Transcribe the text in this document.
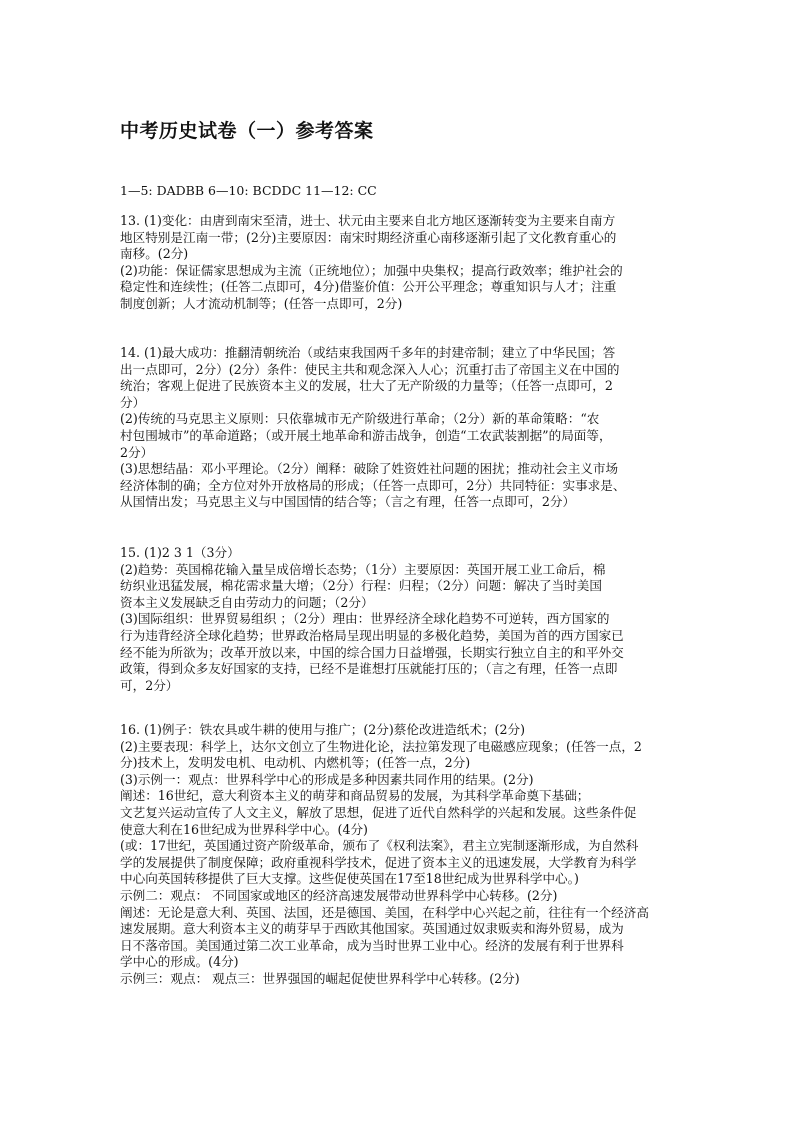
中考历史试卷（一）参考答案
1—5: DADBB 6—10: BCDDC 11—12: CC
13. (1)变化：由唐到南宋至清，进士、状元由主要来自北方地区逐渐转变为主要来自南方
地区特别是江南一带；(2分)主要原因：南宋时期经济重心南移逐渐引起了文化教育重心的
南移。(2分)
(2)功能：保证儒家思想成为主流（正统地位）；加强中央集权；提高行政效率；维护社会的
稳定性和连续性；(任答二点即可，4分)借鉴价值：公开公平理念；尊重知识与人才；注重
制度创新；人才流动机制等；(任答一点即可，2分)
14. (1)最大成功：推翻清朝统治（或结束我国两千多年的封建帝制；建立了中华民国；答
出一点即可，2分）(2分）条件：使民主共和观念深入人心；沉重打击了帝国主义在中国的
统治；客观上促进了民族资本主义的发展，壮大了无产阶级的力量等；（任答一点即可，2
分）
(2)传统的马克思主义原则：只依靠城市无产阶级进行革命；（2分）新的革命策略：“农
村包围城市”的革命道路；（或开展土地革命和游击战争，创造“工农武装割据”的局面等，
2分）
(3)思想结晶：邓小平理论。（2分）阐释：破除了姓资姓社问题的困扰；推动社会主义市场
经济体制的确；全方位对外开放格局的形成；（任答一点即可，2分）共同特征：实事求是、
从国情出发；马克思主义与中国国情的结合等；（言之有理，任答一点即可，2分）
15. (1)2 3 1（3分）
(2)趋势：英国棉花输入量呈成倍增长态势；（1分）主要原因：英国开展工业工命后，棉
纺织业迅猛发展，棉花需求量大增；（2分）行程：归程；（2分）问题：解决了当时美国
资本主义发展缺乏自由劳动力的问题；（2分）
(3)国际组织：世界贸易组织 ；（2分）理由：世界经济全球化趋势不可逆转，西方国家的
行为违背经济全球化趋势；世界政治格局呈现出明显的多极化趋势，美国为首的西方国家已
经不能为所欲为；改革开放以来，中国的综合国力日益增强，长期实行独立自主的和平外交
政策，得到众多友好国家的支持，已经不是谁想打压就能打压的；（言之有理，任答一点即
可，2分）
16. (1)例子：铁农具或牛耕的使用与推广；(2分)蔡伦改进造纸术；(2分)
(2)主要表现：科学上，达尔文创立了生物进化论，法拉第发现了电磁感应现象；(任答一点，2
分)技术上，发明发电机、电动机、内燃机等；(任答一点，2分)
(3)示例一：观点：世界科学中心的形成是多种因素共同作用的结果。(2分)
阐述：16世纪，意大利资本主义的萌芽和商品贸易的发展，为其科学革命奠下基础；
文艺复兴运动宣传了人文主义，解放了思想，促进了近代自然科学的兴起和发展。这些条件促
使意大利在16世纪成为世界科学中心。(4分)
(或：17世纪，英国通过资产阶级革命，颁布了《权利法案》，君主立宪制逐渐形成，为自然科
学的发展提供了制度保障；政府重视科学技术，促进了资本主义的迅速发展，大学教育为科学
中心向英国转移提供了巨大支撑。这些促使英国在17至18世纪成为世界科学中心。)
示例二：观点： 不同国家或地区的经济高速发展带动世界科学中心转移。(2分)
阐述：无论是意大利、英国、法国，还是德国、美国，在科学中心兴起之前，往往有一个经济高
速发展期。意大利资本主义的萌芽早于西欧其他国家。英国通过奴隶贩卖和海外贸易，成为
日不落帝国。美国通过第二次工业革命，成为当时世界工业中心。经济的发展有利于世界科
学中心的形成。(4分)
示例三：观点： 观点三：世界强国的崛起促使世界科学中心转移。(2分)
